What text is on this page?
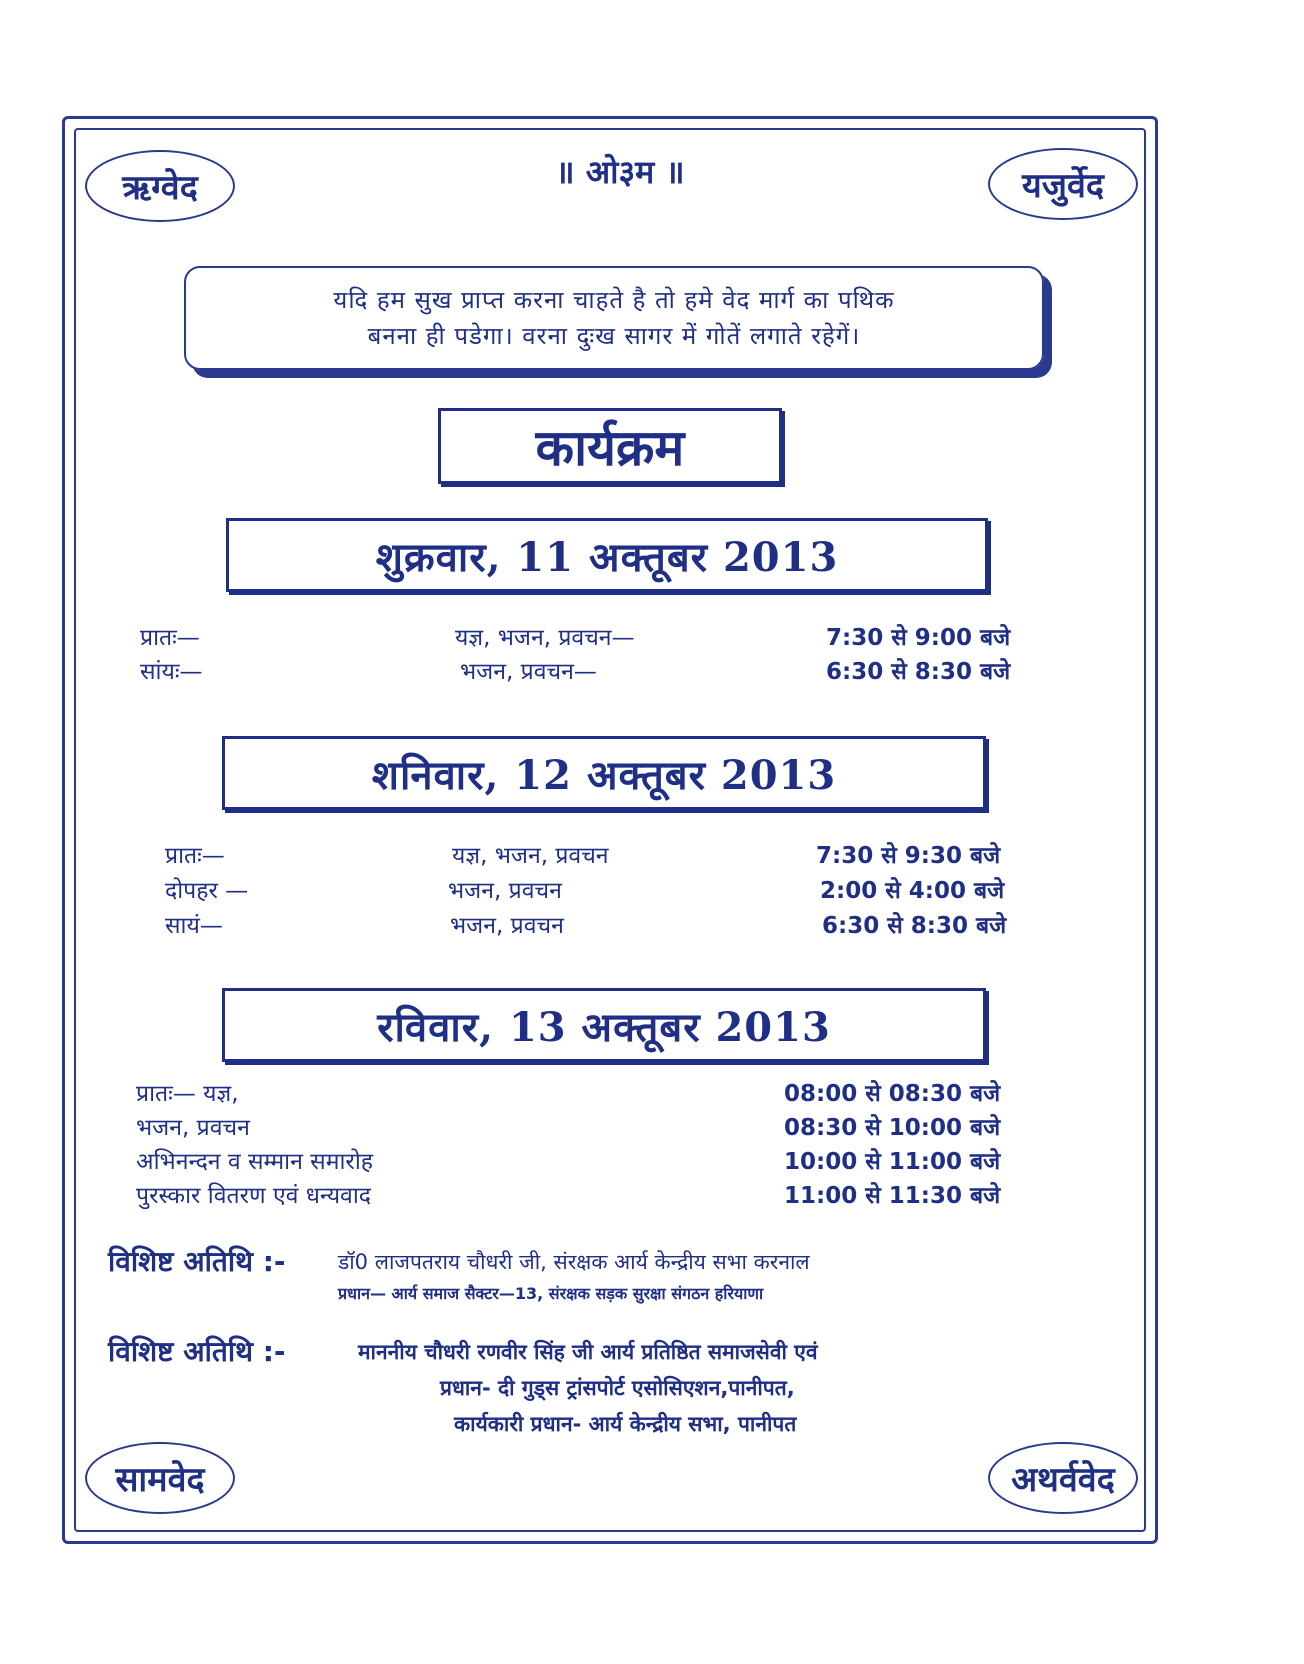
ऋग्वेद	यजुर्वेद
॥ ओ३म ॥
यदि हम सुख प्राप्त करना चाहते है तो हमे वेद मार्ग का पथिक
बनना ही पडेगा। वरना दुःख सागर में गोतें लगाते रहेगें।
कार्यक्रम
शुक्रवार, 11 अक्तूबर 2013
प्रातः—	यज्ञ, भजन, प्रवचन—	7:30 से 9:00 बजे
सांयः—	भजन, प्रवचन—	6:30 से 8:30 बजे
शनिवार, 12 अक्तूबर 2013
प्रातः—	यज्ञ, भजन, प्रवचन	7:30 से 9:30 बजे
दोपहर —	भजन, प्रवचन	2:00 से 4:00 बजे
सायं—	भजन, प्रवचन	6:30 से 8:30 बजे
रविवार, 13 अक्तूबर 2013
प्रातः— यज्ञ,	08:00 से 08:30 बजे
भजन, प्रवचन	08:30 से 10:00 बजे
अभिनन्दन व सम्मान समारोह	10:00 से 11:00 बजे
पुरस्कार वितरण एवं धन्यवाद	11:00 से 11:30 बजे
विशिष्ट अतिथि :- डॉ0 लाजपतराय चौधरी जी, संरक्षक आर्य केन्द्रीय सभा करनाल
प्रधान— आर्य समाज सैक्टर—13, संरक्षक सड़क सुरक्षा संगठन हरियाणा
विशिष्ट अतिथि :-	माननीय चौधरी रणवीर सिंह जी आर्य प्रतिष्ठित समाजसेवी एवं
प्रधान- दी गुड्स ट्रांसपोर्ट एसोसिएशन,पानीपत,
कार्यकारी प्रधान- आर्य केन्द्रीय सभा, पानीपत
सामवेद	अथर्ववेद
